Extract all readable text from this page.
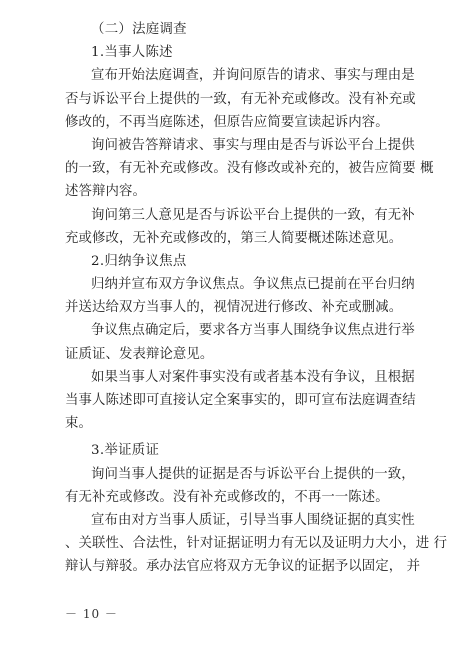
（二）法庭调查
1.当事人陈述
宣布开始法庭调查，并询问原告的请求、事实与理由是
否与诉讼平台上提供的一致，有无补充或修改。没有补充或
修改的，不再当庭陈述，但原告应简要宣读起诉内容。
询问被告答辩请求、事实与理由是否与诉讼平台上提供
的一致，有无补充或修改。没有修改或补充的，被告应简要 概
述答辩内容。
询问第三人意见是否与诉讼平台上提供的一致，有无补
充或修改，无补充或修改的，第三人简要概述陈述意见。
2.归纳争议焦点
归纳并宣布双方争议焦点。争议焦点已提前在平台归纳
并送达给双方当事人的，视情况进行修改、补充或删减。
争议焦点确定后，要求各方当事人围绕争议焦点进行举
证质证、发表辩论意见。
如果当事人对案件事实没有或者基本没有争议，且根据
当事人陈述即可直接认定全案事实的，即可宣布法庭调查结
束。
3.举证质证
询问当事人提供的证据是否与诉讼平台上提供的一致，
有无补充或修改。没有补充或修改的，不再一一陈述。
宣布由对方当事人质证，引导当事人围绕证据的真实性
、关联性、合法性，针对证据证明力有无以及证明力大小，进 行
辩认与辩驳。承办法官应将双方无争议的证据予以固定， 并
－ 10 －
